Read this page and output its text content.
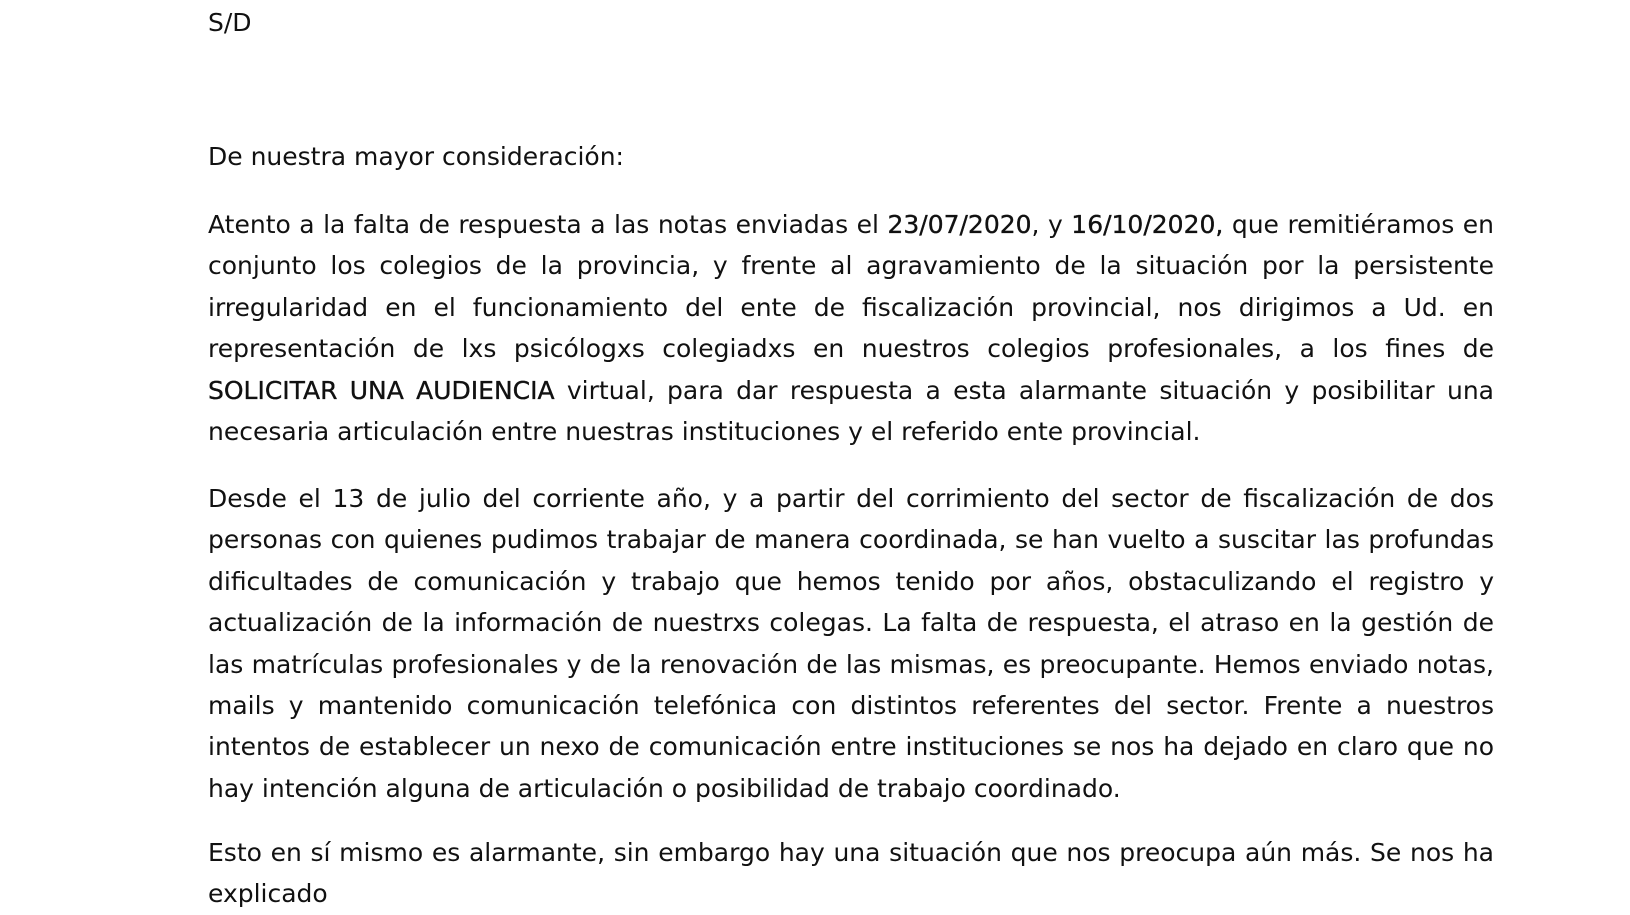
S/D
De nuestra mayor consideración:

Atento a la falta de respuesta a las notas enviadas el 23/07/2020, y 16/10/2020, que remitiéramos en conjunto los colegios de la provincia, y frente al agravamiento de la situación por la persistente irregularidad en el funcionamiento del ente de fiscalización provincial, nos dirigimos a Ud. en representación de lxs psicólogxs colegiadxs en nuestros colegios profesionales, a los fines de SOLICITAR UNA AUDIENCIA virtual, para dar respuesta a esta alarmante situación y posibilitar una necesaria articulación entre nuestras instituciones y el referido ente provincial.

Desde el 13 de julio del corriente año, y a partir del corrimiento del sector de fiscalización de dos personas con quienes pudimos trabajar de manera coordinada, se han vuelto a suscitar las profundas dificultades de comunicación y trabajo que hemos tenido por años, obstaculizando el registro y actualización de la información de nuestrxs colegas. La falta de respuesta, el atraso en la gestión de las matrículas profesionales y de la renovación de las mismas, es preocupante. Hemos enviado notas, mails y mantenido comunicación telefónica con distintos referentes del sector. Frente a nuestros intentos de establecer un nexo de comunicación entre instituciones se nos ha dejado en claro que no hay intención alguna de articulación o posibilidad de trabajo coordinado.

Esto en sí mismo es alarmante, sin embargo hay una situación que nos preocupa aún más. Se nos ha explicado
